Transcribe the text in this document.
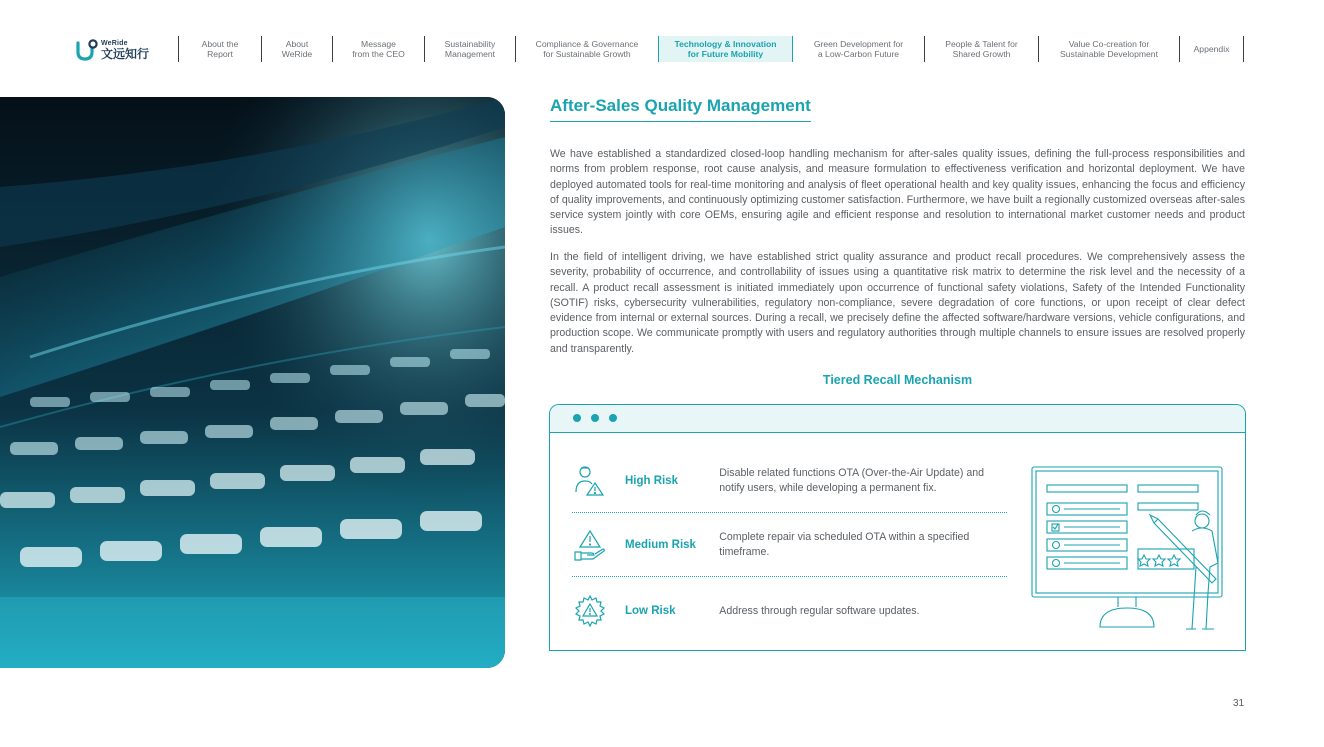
WeRide
文远知行
About the
Report
About
WeRide
Message
from the CEO
Sustainability
Management
Compliance & Governance
for Sustainable Growth
Technology & Innovation
for Future Mobility
Green Development for
a Low-Carbon Future
People & Talent for
Shared Growth
Value Co-creation for
Sustainable Development	Appendix
After-Sales Quality Management

We have established a standardized closed-loop handling mechanism for after-sales quality issues, defining the full-process responsibilities and norms from problem response, root cause analysis, and measure formulation to effectiveness verification and horizontal deployment. We have deployed automated tools for real-time monitoring and analysis of fleet operational health and key quality issues, enhancing the focus and efficiency of quality improvements, and continuously optimizing customer satisfaction. Furthermore, we have built a regionally customized overseas after-sales service system jointly with core OEMs, ensuring agile and efficient response and resolution to international market customer needs and product issues.

In the field of intelligent driving, we have established strict quality assurance and product recall procedures. We comprehensively assess the severity, probability of occurrence, and controllability of issues using a quantitative risk matrix to determine the risk level and the necessity of a recall. A product recall assessment is initiated immediately upon occurrence of functional safety violations, Safety of the Intended Functionality (SOTIF) risks, cybersecurity vulnerabilities, regulatory non-compliance, severe degradation of core functions, or upon receipt of clear defect evidence from internal or external sources. During a recall, we precisely define the affected software/hardware versions, vehicle configurations, and production scope. We communicate promptly with users and regulatory authorities through multiple channels to ensure issues are resolved properly and transparently.

Tiered Recall Mechanism
High Risk
Disable related functions OTA (Over-the-Air Update) and notify users, while developing a permanent fix.
Medium Risk
Complete repair via scheduled OTA within a specified timeframe.
Low Risk	Address through regular software updates.
31
